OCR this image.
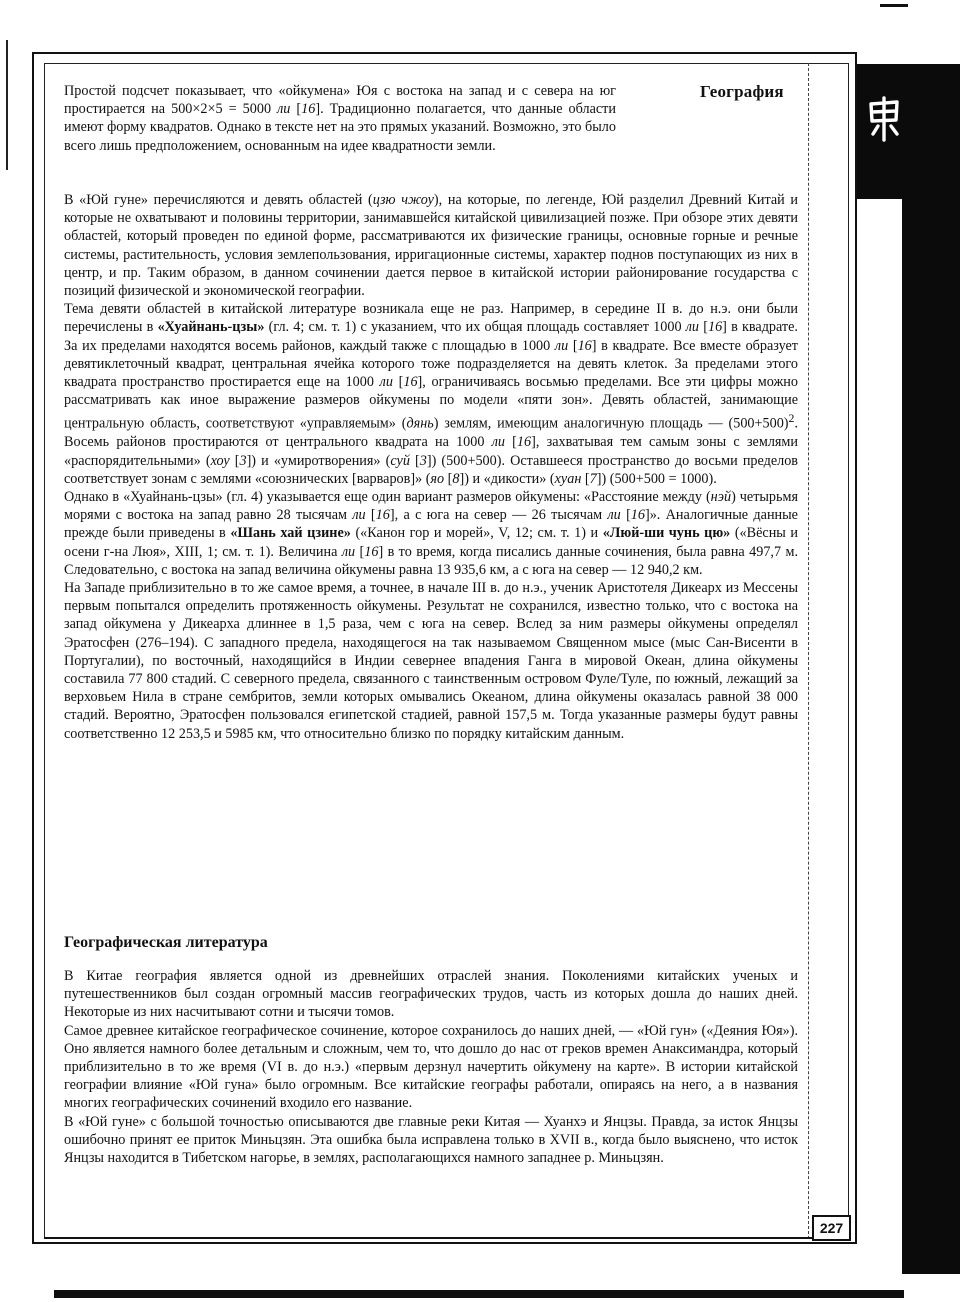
География

Простой подсчет показывает, что «ойкумена» Юя с востока на запад и с севера на юг простирается на 500×2×5 = 5000 ли [16]. Традиционно полагается, что данные области имеют форму квадратов. Однако в тексте нет на это прямых указаний. Возможно, это было всего лишь предположением, основанным на идее квадратности земли.

В «Юй гуне» перечисляются и девять областей (цзю чжоу), на которые, по легенде, Юй разделил Древний Китай и которые не охватывают и половины территории, занимавшейся китайской цивилизацией позже. При обзоре этих девяти областей, который проведен по единой форме, рассматриваются их физические границы, основные горные и речные системы, растительность, условия землепользования, ирригационные системы, характер поднов поступающих из них в центр, и пр. Таким образом, в данном сочинении дается первое в китайской истории районирование государства с позиций физической и экономической географии.

Тема девяти областей в китайской литературе возникала еще не раз. Например, в середине II в. до н.э. они были перечислены в «Хуайнань-цзы» (гл. 4; см. т. 1) с указанием, что их общая площадь составляет 1000 ли [16] в квадрате. За их пределами находятся восемь районов, каждый также с площадью в 1000 ли [16] в квадрате. Все вместе образует девятиклеточный квадрат, центральная ячейка которого тоже подразделяется на девять клеток. За пределами этого квадрата пространство простирается еще на 1000 ли [16], ограничиваясь восьмью пределами. Все эти цифры можно рассматривать как иное выражение размеров ойкумены по модели «пяти зон». Девять областей, занимающие центральную область, соответствуют «управляемым» (дянь) землям, имеющим аналогичную площадь — $(500+500)^2$. Восемь районов простираются от центрального квадрата на 1000 ли [16], захватывая тем самым зоны с землями «распорядительными» (хоу [3]) и «умиротворения» (суй [3]) (500+500). Оставшееся пространство до восьми пределов соответствует зонам с землями «союзнических [варваров]» (яо [8]) и «дикости» (хуан [7]) (500+500 = 1000).

Однако в «Хуайнань-цзы» (гл. 4) указывается еще один вариант размеров ойкумены: «Расстояние между (нэй) четырьмя морями с востока на запад равно 28 тысячам ли [16], а с юга на север — 26 тысячам ли [16]». Аналогичные данные прежде были приведены в «Шань хай цзине» («Канон гор и морей», V, 12; см. т. 1) и «Люй-ши чунь цю» («Вёсны и осени г-на Люя», XIII, 1; см. т. 1). Величина ли [16] в то время, когда писались данные сочинения, была равна 497,7 м. Следовательно, с востока на запад величина ойкумены равна 13 935,6 км, а с юга на север — 12 940,2 км.

На Западе приблизительно в то же самое время, а точнее, в начале III в. до н.э., ученик Аристотеля Дикеарх из Мессены первым попытался определить протяженность ойкумены. Результат не сохранился, известно только, что с востока на запад ойкумена у Дикеарха длиннее в 1,5 раза, чем с юга на север. Вслед за ним размеры ойкумены определял Эратосфен (276–194). С западного предела, находящегося на так называемом Священном мысе (мыс Сан-Висенти в Португалии), по восточный, находящийся в Индии севернее впадения Ганга в мировой Океан, длина ойкумены составила 77 800 стадий. С северного предела, связанного с таинственным островом Фуле/Туле, по южный, лежащий за верховьем Нила в стране сембритов, земли которых омывались Океаном, длина ойкумены оказалась равной 38 000 стадий. Вероятно, Эратосфен пользовался египетской стадией, равной 157,5 м. Тогда указанные размеры будут равны соответственно 12 253,5 и 5985 км, что относительно близко по порядку китайским данным.

Географическая литература

В Китае география является одной из древнейших отраслей знания. Поколениями китайских ученых и путешественников был создан огромный массив географических трудов, часть из которых дошла до наших дней. Некоторые из них насчитывают сотни и тысячи томов.

Самое древнее китайское географическое сочинение, которое сохранилось до наших дней, — «Юй гун» («Деяния Юя»). Оно является намного более детальным и сложным, чем то, что дошло до нас от греков времен Анаксимандра, который приблизительно в то же время (VI в. до н.э.) «первым дерзнул начертить ойкумену на карте». В истории китайской географии влияние «Юй гуна» было огромным. Все китайские географы работали, опираясь на него, а в названия многих географических сочинений входило его название.

В «Юй гуне» с большой точностью описываются две главные реки Китая — Хуанхэ и Янцзы. Правда, за исток Янцзы ошибочно принят ее приток Миньцзян. Эта ошибка была исправлена только в XVII в., когда было выяснено, что исток Янцзы находится в Тибетском нагорье, в землях, располагающихся намного западнее р. Миньцзян.

227
